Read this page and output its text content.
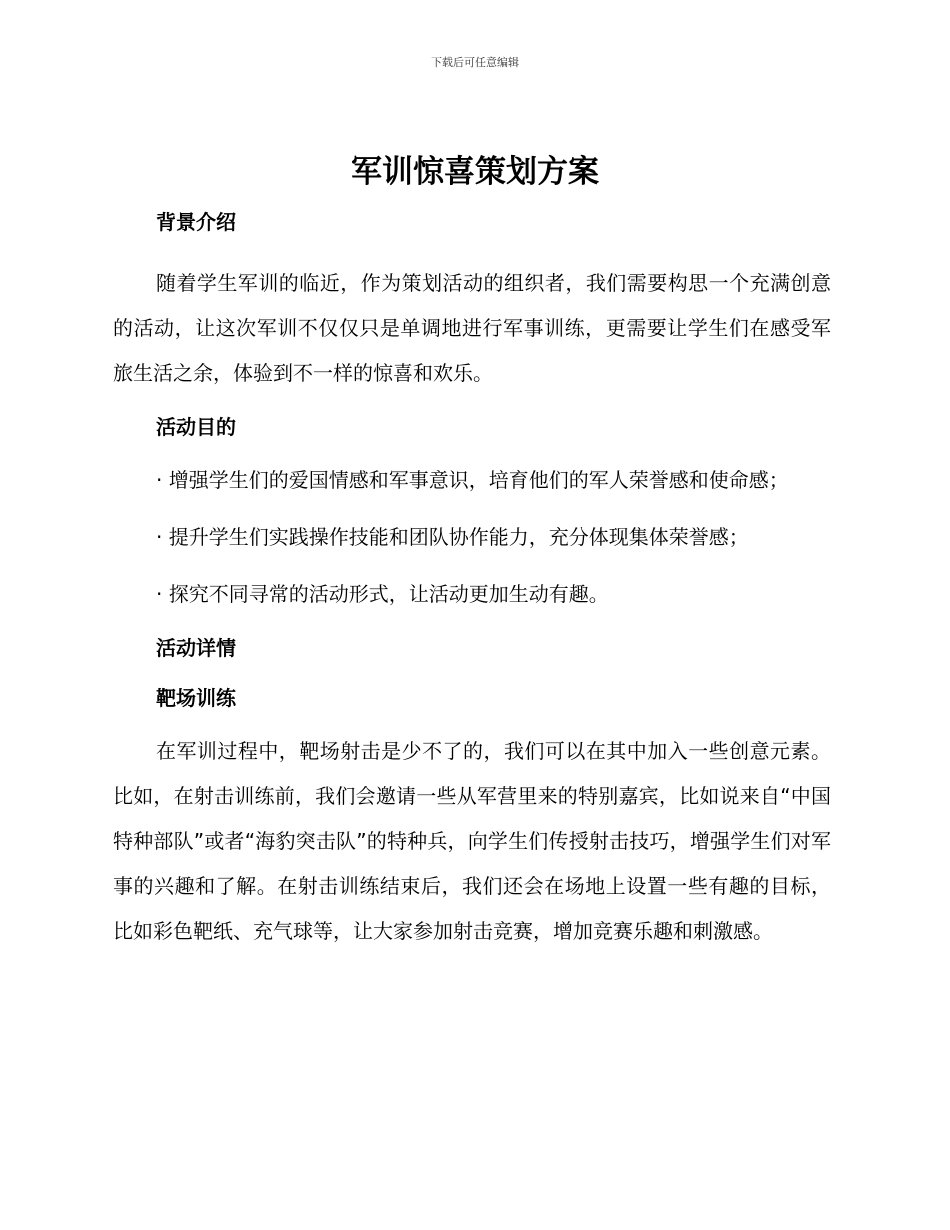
下载后可任意编辑
军训惊喜策划方案
背景介绍

随着学生军训的临近，作为策划活动的组织者，我们需要构思一个充满创意的活动，让这次军训不仅仅只是单调地进行军事训练，更需要让学生们在感受军旅生活之余，体验到不一样的惊喜和欢乐。

活动目的

· 增强学生们的爱国情感和军事意识，培育他们的军人荣誉感和使命感；

· 提升学生们实践操作技能和团队协作能力，充分体现集体荣誉感；

· 探究不同寻常的活动形式，让活动更加生动有趣。

活动详情
靶场训练

在军训过程中，靶场射击是少不了的，我们可以在其中加入一些创意元素。比如，在射击训练前，我们会邀请一些从军营里来的特别嘉宾，比如说来自“中国特种部队”或者“海豹突击队”的特种兵，向学生们传授射击技巧，增强学生们对军事的兴趣和了解。在射击训练结束后，我们还会在场地上设置一些有趣的目标，比如彩色靶纸、充气球等，让大家参加射击竞赛，增加竞赛乐趣和刺激感。
